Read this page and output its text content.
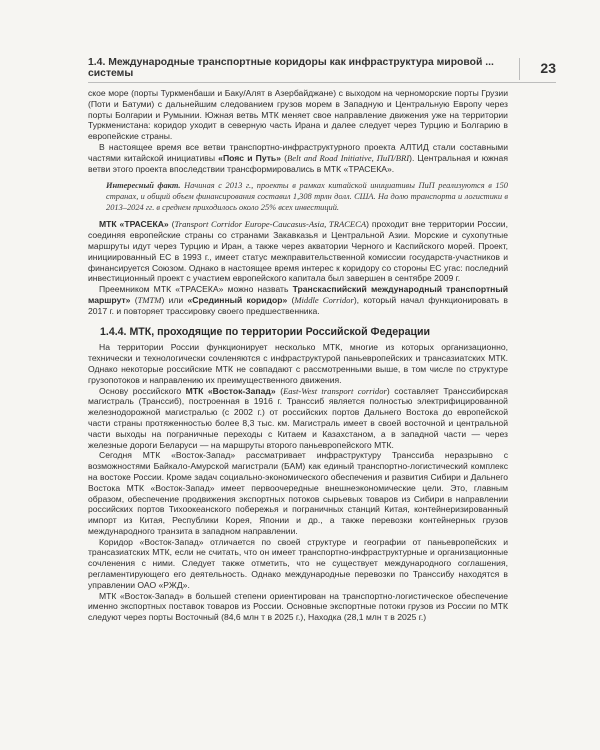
1.4. Международные транспортные коридоры как инфраструктура мировой ... системы	23

ское море (порты Туркменбаши и Баку/Алят в Азербайджане) с выходом на черноморские порты Грузии (Поти и Батуми) с дальнейшим следованием грузов морем в Западную и Центральную Европу через порты Болгарии и Румынии. Южная ветвь МТК меняет свое направление движения уже на территории Туркменистана: коридор уходит в северную часть Ирана и далее следует через Турцию и Болгарию в европейские страны.

В настоящее время все ветви транспортно-инфраструктурного проекта АЛТИД стали составными частями китайской инициативы «Пояс и Путь» (Belt and Road Initiative, ПиП/BRI). Центральная и южная ветви этого проекта впоследствии трансформировались в МТК «ТРАСЕКА».

Интересный факт. Начиная с 2013 г., проекты в рамках китайской инициативы ПиП реализуются в 150 странах, и общий объем финансирования составил 1,308 трлн долл. США. На долю транспорта и логистики в 2013–2024 гг. в среднем приходилось около 25% всех инвестиций.

МТК «ТРАСЕКА» (Transport Corridor Europe-Caucasus-Asia, TRACECA) проходит вне территории России, соединяя европейские страны со странами Закавказья и Центральной Азии. Морские и сухопутные маршруты идут через Турцию и Иран, а также через акватории Черного и Каспийского морей. Проект, инициированный ЕС в 1993 г., имеет статус межправительственной комиссии государств-участников и финансируется Союзом. Однако в настоящее время интерес к коридору со стороны ЕС угас: последний инвестиционный проект с участием европейского капитала был завершен в сентябре 2009 г.

Преемником МТК «ТРАСЕКА» можно назвать Транскаспийский международный транспортный маршрут» (ТМТМ) или «Срединный коридор» (Middle Corridor), который начал функционировать в 2017 г. и повторяет трассировку своего предшественника.

1.4.4. МТК, проходящие по территории Российской Федерации

На территории России функционирует несколько МТК, многие из которых организационно, технически и технологически сочленяются с инфраструктурой паньевропейских и трансазиатских МТК. Однако некоторые российские МТК не совпадают с рассмотренными выше, в том числе по структуре грузопотоков и направлению их преимущественного движения.

Основу российского МТК «Восток-Запад» (East-West transport corridor) составляет Транссибирская магистраль (Транссиб), построенная в 1916 г. Транссиб является полностью электрифицированной железнодорожной магистралью (с 2002 г.) от российских портов Дальнего Востока до европейской части страны протяженностью более 8,3 тыс. км. Магистраль имеет в своей восточной и центральной части выходы на пограничные переходы с Китаем и Казахстаном, а в западной части — через железные дороги Беларуси — на маршруты второго паньевропейского МТК.

Сегодня МТК «Восток-Запад» рассматривает инфраструктуру Транссиба неразрывно с возможностями Байкало-Амурской магистрали (БАМ) как единый транспортно-логистический комплекс на востоке России. Кроме задач социально-экономического обеспечения и развития Сибири и Дальнего Востока МТК «Восток-Запад» имеет первоочередные внешнеэкономические цели. Это, главным образом, обеспечение продвижения экспортных потоков сырьевых товаров из Сибири в направлении российских портов Тихоокеанского побережья и пограничных станций Китая, контейнеризированный импорт из Китая, Республики Корея, Японии и др., а также перевозки контейнерных грузов международного транзита в западном направлении.

Коридор «Восток-Запад» отличается по своей структуре и географии от паньевропейских и трансазиатских МТК, если не считать, что он имеет транспортно-инфраструктурные и организационные сочленения с ними. Следует также отметить, что не существует международного соглашения, регламентирующего его деятельность. Однако международные перевозки по Транссибу находятся в управлении ОАО «РЖД».

МТК «Восток-Запад» в большей степени ориентирован на транспортно-логистическое обеспечение именно экспортных поставок товаров из России. Основные экспортные потоки грузов из России по МТК следуют через порты Восточный (84,6 млн т в 2025 г.), Находка (28,1 млн т в 2025 г.)
